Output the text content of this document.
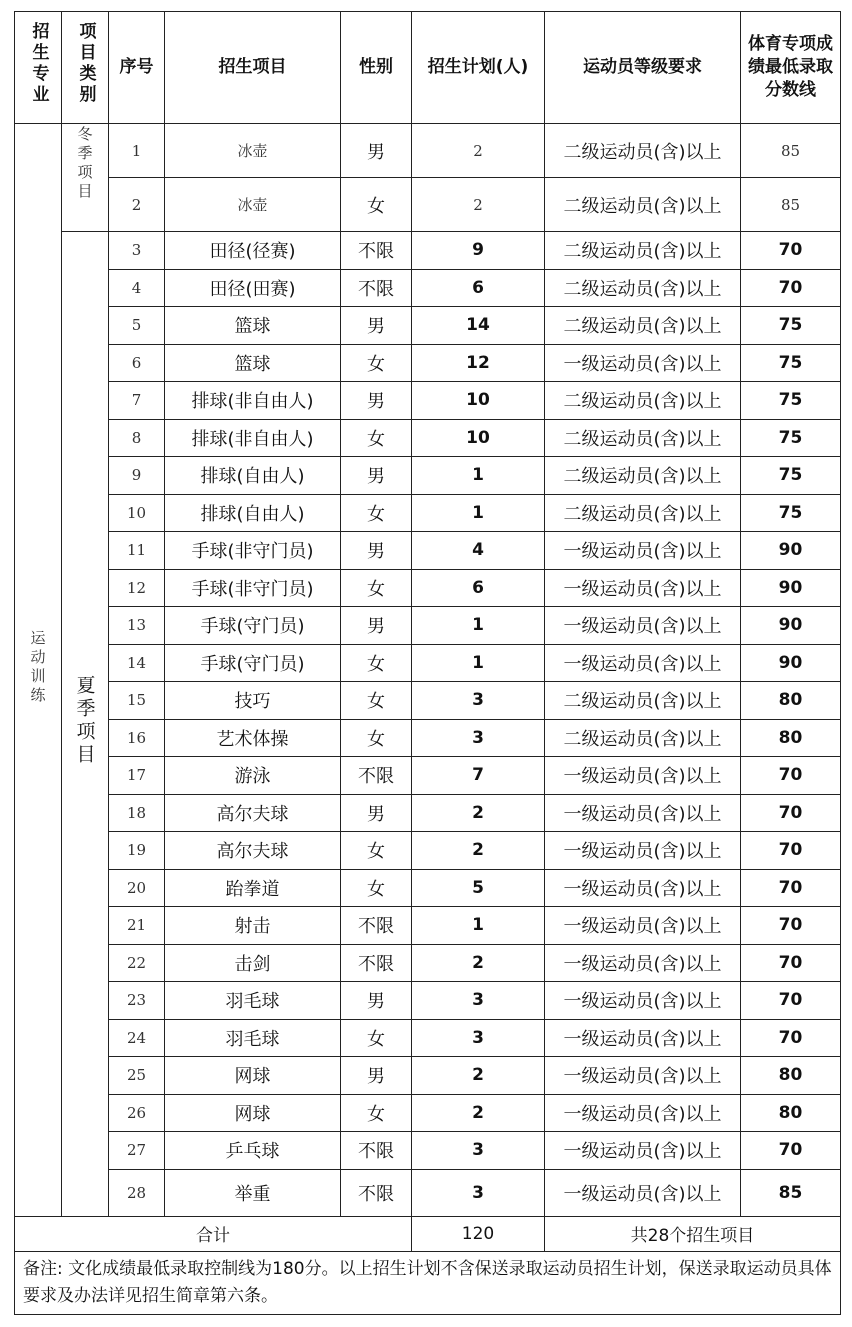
招生专业	项目类别	序号	招生项目	性别	招生计划(人)	运动员等级要求	体育专项成绩最低录取分数线
运动训练	冬季项目	1	冰壶	男	2	二级运动员(含)以上	85
		2	冰壶	女	2	二级运动员(含)以上	85
	夏季项目	3	田径(径赛)	不限	9	二级运动员(含)以上	70
		4	田径(田赛)	不限	6	二级运动员(含)以上	70
		5	篮球	男	14	二级运动员(含)以上	75
		6	篮球	女	12	一级运动员(含)以上	75
		7	排球(非自由人)	男	10	二级运动员(含)以上	75
		8	排球(非自由人)	女	10	二级运动员(含)以上	75
		9	排球(自由人)	男	1	二级运动员(含)以上	75
		10	排球(自由人)	女	1	二级运动员(含)以上	75
		11	手球(非守门员)	男	4	一级运动员(含)以上	90
		12	手球(非守门员)	女	6	一级运动员(含)以上	90
		13	手球(守门员)	男	1	一级运动员(含)以上	90
		14	手球(守门员)	女	1	一级运动员(含)以上	90
		15	技巧	女	3	二级运动员(含)以上	80
		16	艺术体操	女	3	二级运动员(含)以上	80
		17	游泳	不限	7	一级运动员(含)以上	70
		18	高尔夫球	男	2	一级运动员(含)以上	70
		19	高尔夫球	女	2	一级运动员(含)以上	70
		20	跆拳道	女	5	一级运动员(含)以上	70
		21	射击	不限	1	一级运动员(含)以上	70
		22	击剑	不限	2	一级运动员(含)以上	70
		23	羽毛球	男	3	一级运动员(含)以上	70
		24	羽毛球	女	3	一级运动员(含)以上	70
		25	网球	男	2	一级运动员(含)以上	80
		26	网球	女	2	一级运动员(含)以上	80
		27	乒乓球	不限	3	一级运动员(含)以上	70
		28	举重	不限	3	一级运动员(含)以上	85
合计					120	共28个招生项目	
备注: 文化成绩最低录取控制线为180分。以上招生计划不含保送录取运动员招生计划，保送录取运动员具体要求及办法详见招生简章第六条。							
